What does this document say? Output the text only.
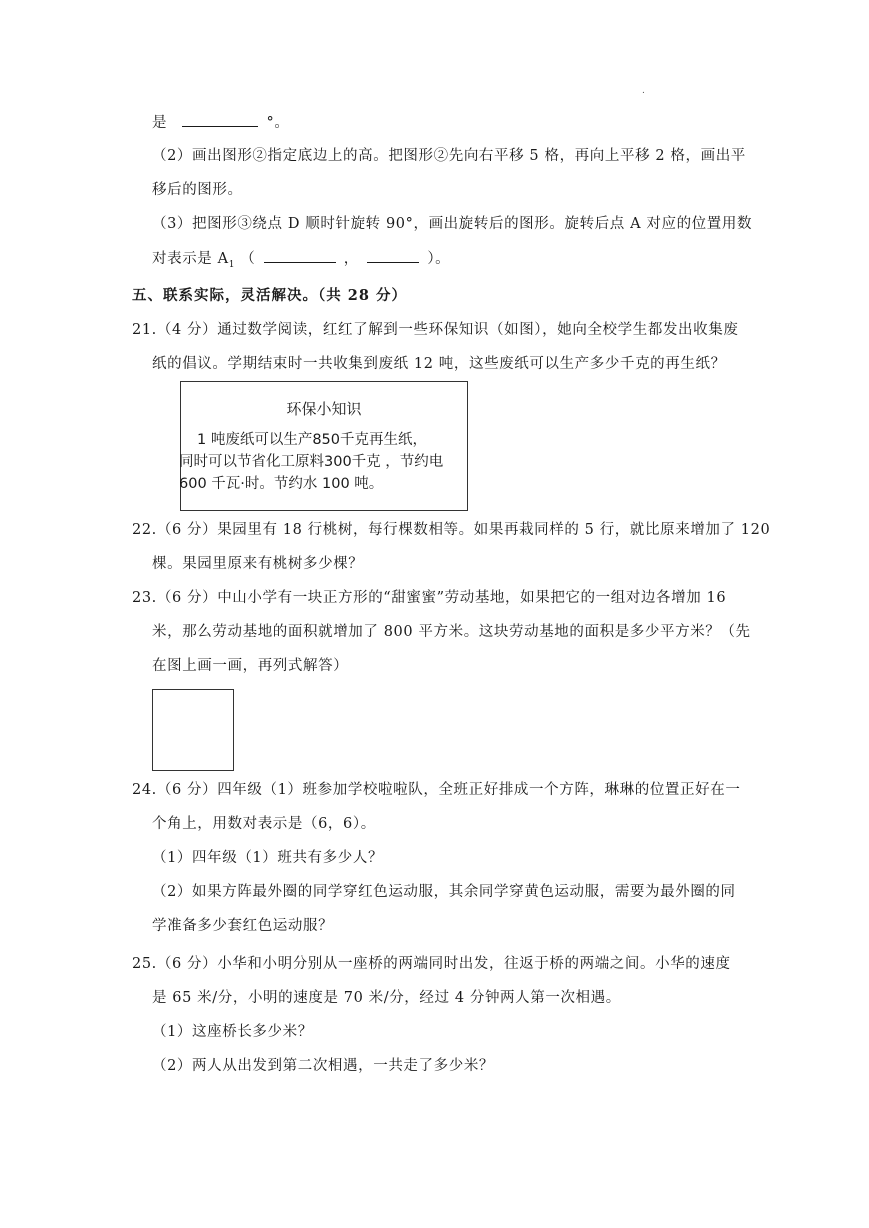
.
是	°。
（2）画出图形②指定底边上的高。把图形②先向右平移 5 格，再向上平移 2 格，画出平
移后的图形。
（3）把图形③绕点 D 顺时针旋转 90°，画出旋转后的图形。旋转后点 A 对应的位置用数
对表示是 $A_1$ （	，	）。
五、联系实际，灵活解决。（共 28 分）
21.（4 分）通过数学阅读，红红了解到一些环保知识（如图），她向全校学生都发出收集废
纸的倡议。学期结束时一共收集到废纸 12 吨，这些废纸可以生产多少千克的再生纸？
环保小知识
1 吨废纸可以生产850千克再生纸，
同时可以节省化工原料300千克 ，节约电
600 千瓦·时。节约水 100 吨。
22.（6 分）果园里有 18 行桃树，每行棵数相等。如果再栽同样的 5 行，就比原来增加了 120
棵。果园里原来有桃树多少棵？
23.（6 分）中山小学有一块正方形的“甜蜜蜜”劳动基地，如果把它的一组对边各增加 16
米，那么劳动基地的面积就增加了 800 平方米。这块劳动基地的面积是多少平方米？（先
在图上画一画，再列式解答）
24.（6 分）四年级（1）班参加学校啦啦队，全班正好排成一个方阵，琳琳的位置正好在一
个角上，用数对表示是（6，6）。
（1）四年级（1）班共有多少人？
（2）如果方阵最外圈的同学穿红色运动服，其余同学穿黄色运动服，需要为最外圈的同
学准备多少套红色运动服？
25.（6 分）小华和小明分别从一座桥的两端同时出发，往返于桥的两端之间。小华的速度
是 65 米/分，小明的速度是 70 米/分，经过 4 分钟两人第一次相遇。
（1）这座桥长多少米？
（2）两人从出发到第二次相遇，一共走了多少米？
